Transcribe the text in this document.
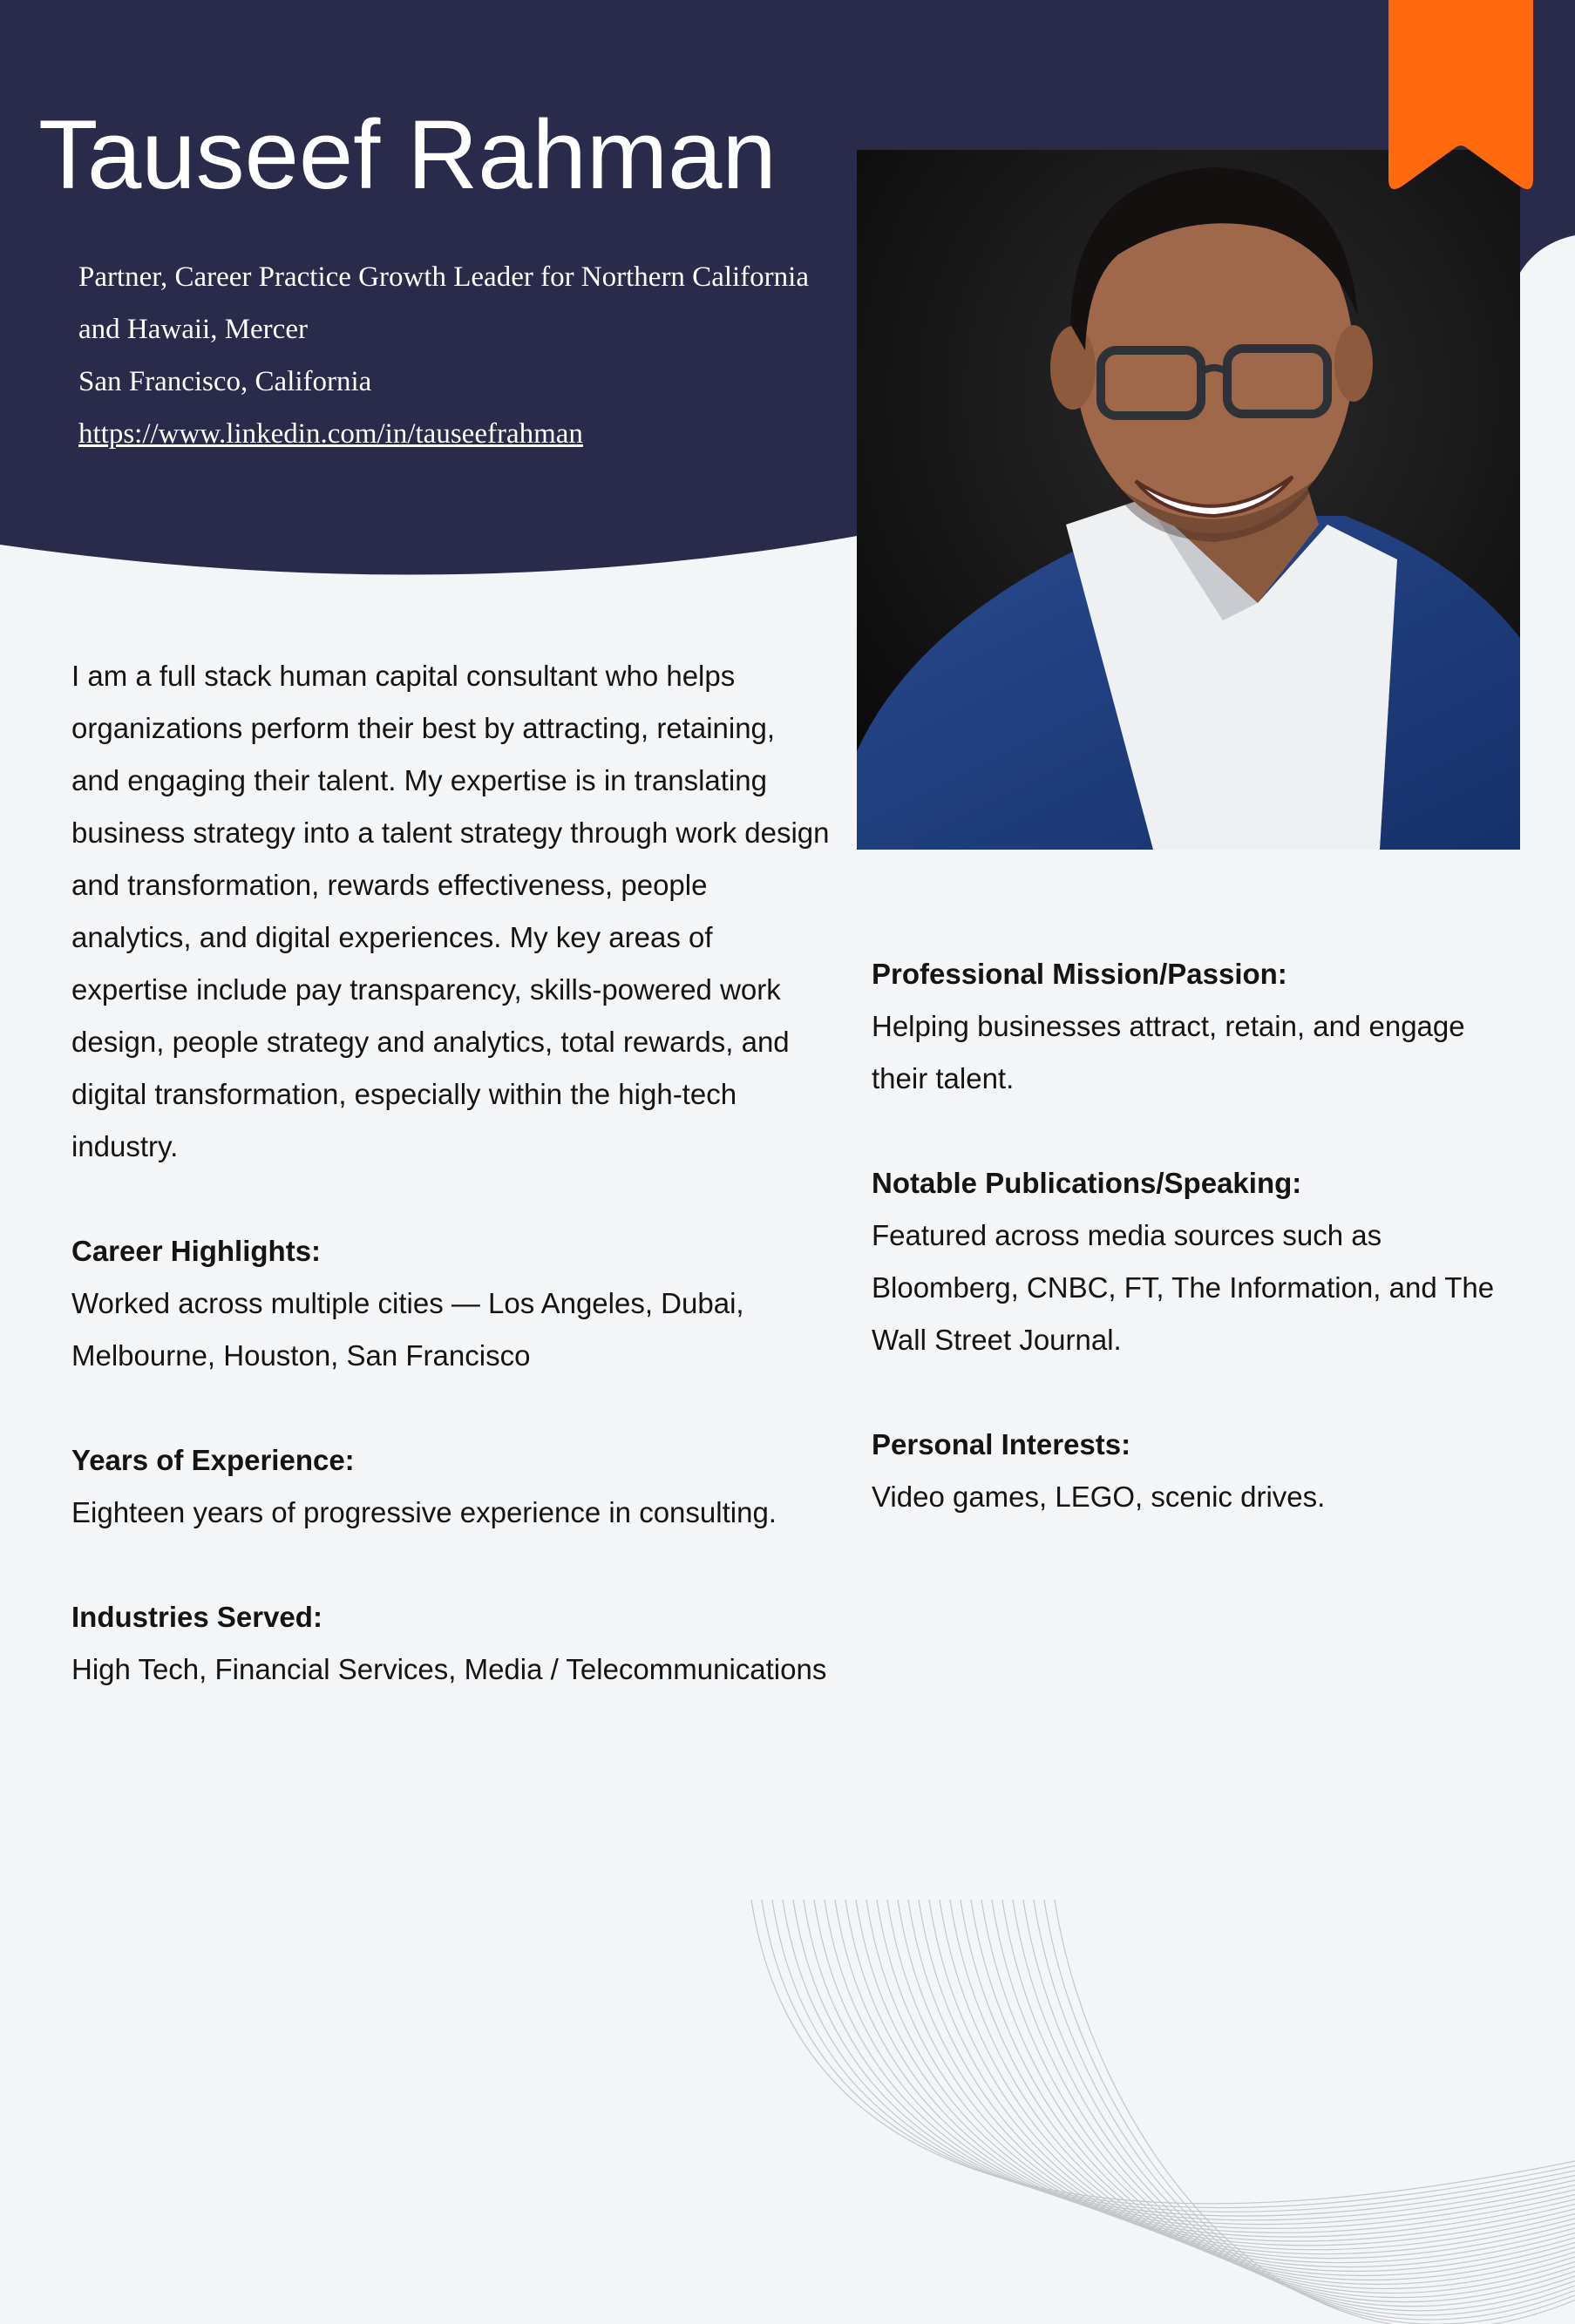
Tauseef Rahman
Partner, Career Practice Growth Leader for Northern California
and Hawaii, Mercer
San Francisco, California
https://www.linkedin.com/in/tauseefrahman

I am a full stack human capital consultant who helps organizations perform their best by attracting, retaining, and engaging their talent. My expertise is in translating business strategy into a talent strategy through work design and transformation, rewards effectiveness, people analytics, and digital experiences. My key areas of expertise include pay transparency, skills-powered work design, people strategy and analytics, total rewards, and digital transformation, especially within the high-tech industry.

Career Highlights:
Worked across multiple cities — Los Angeles, Dubai, Melbourne, Houston, San Francisco
Years of Experience:
Eighteen years of progressive experience in consulting.
Industries Served:
High Tech, Financial Services, Media / Telecommunications
Professional Mission/Passion:
Helping businesses attract, retain, and engage their talent.
Notable Publications/Speaking:
Featured across media sources such as Bloomberg, CNBC, FT, The Information, and The Wall Street Journal.
Personal Interests:
Video games, LEGO, scenic drives.
